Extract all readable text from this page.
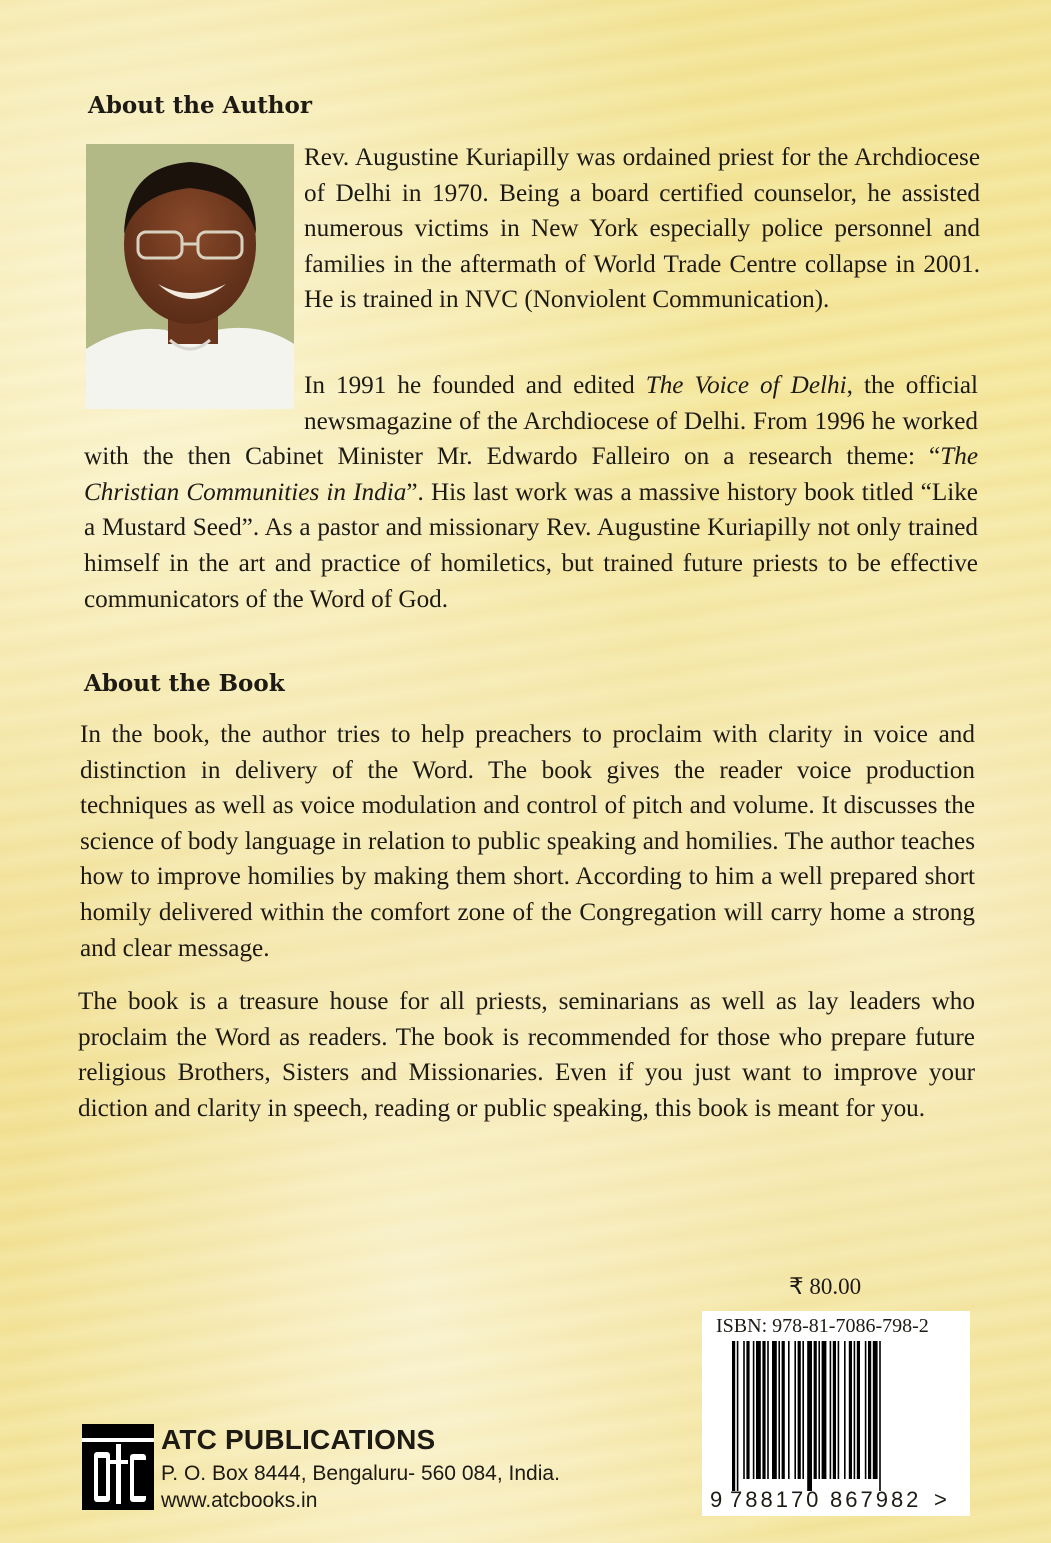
About the Author

Rev. Augustine Kuriapilly was ordained priest for the Archdiocese of Delhi in 1970. Being a board certified counselor, he assisted numerous victims in New York especially police personnel and families in the aftermath of World Trade Centre collapse in 2001. He is trained in NVC (Nonviolent Communication).

In 1991 he founded and edited The Voice of Delhi, the official newsmagazine of the Archdiocese of Delhi. From 1996 he worked with the then Cabinet Minister Mr. Edwardo Falleiro on a research theme: “The Christian Communities in India”. His last work was a massive history book titled “Like a Mustard Seed”. As a pastor and missionary Rev. Augustine Kuriapilly not only trained himself in the art and practice of homiletics, but trained future priests to be effective communicators of the Word of God.

About the Book

In the book, the author tries to help preachers to proclaim with clarity in voice and distinction in delivery of the Word. The book gives the reader voice production techniques as well as voice modulation and control of pitch and volume. It discusses the science of body language in relation to public speaking and homilies. The author teaches how to improve homilies by making them short. According to him a well prepared short homily delivered within the comfort zone of the Congregation will carry home a strong and clear message.

The book is a treasure house for all priests, seminarians as well as lay leaders who proclaim the Word as readers. The book is recommended for those who prepare future religious Brothers, Sisters and Missionaries. Even if you just want to improve your diction and clarity in speech, reading or public speaking, this book is meant for you.

₹ 80.00

ISBN: 978-81-7086-798-2

9 788170 867982 >

ATC PUBLICATIONS

P. O. Box 8444, Bengaluru- 560 084, India.

www.atcbooks.in
